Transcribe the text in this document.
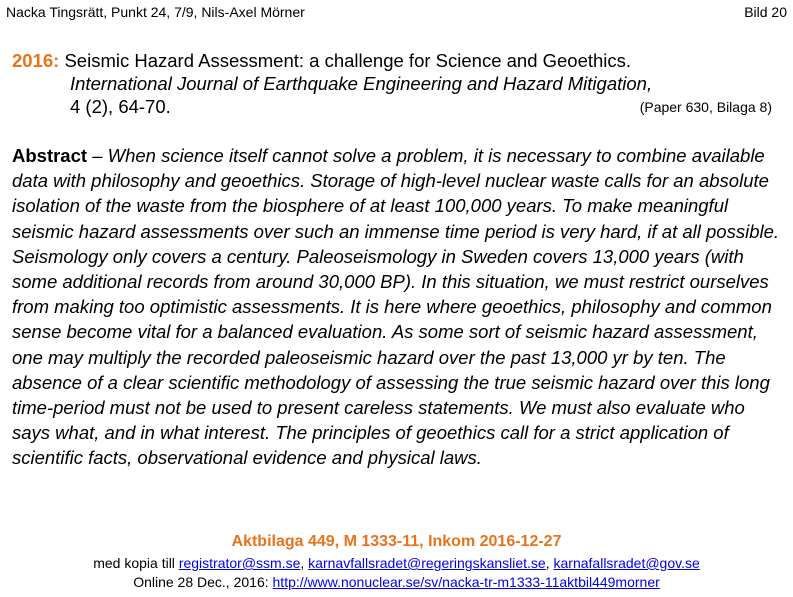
Nacka Tingsrätt, Punkt 24, 7/9, Nils-Axel Mörner	Bild 20
2016: Seismic Hazard Assessment: a challenge for Science and Geoethics.
International Journal of Earthquake Engineering and Hazard Mitigation,
4 (2), 64-70.	(Paper 630, Bilaga 8)
Abstract – When science itself cannot solve a problem, it is necessary to combine available data with philosophy and geoethics. Storage of high-level nuclear waste calls for an absolute isolation of the waste from the biosphere of at least 100,000 years. To make meaningful seismic hazard assessments over such an immense time period is very hard, if at all possible. Seismology only covers a century. Paleoseismology in Sweden covers 13,000 years (with some additional records from around 30,000 BP). In this situation, we must restrict ourselves from making too optimistic assessments. It is here where geoethics, philosophy and common sense become vital for a balanced evaluation. As some sort of seismic hazard assessment, one may multiply the recorded paleoseismic hazard over the past 13,000 yr by ten. The absence of a clear scientific methodology of assessing the true seismic hazard over this long time-period must not be used to present careless statements. We must also evaluate who says what, and in what interest. The principles of geoethics call for a strict application of scientific facts, observational evidence and physical laws.
Aktbilaga 449, M 1333-11, Inkom 2016-12-27
med kopia till registrator@ssm.se, karnavfallsradet@regeringskansliet.se, karnafallsradet@gov.se
Online 28 Dec., 2016: http://www.nonuclear.se/sv/nacka-tr-m1333-11aktbil449morner
